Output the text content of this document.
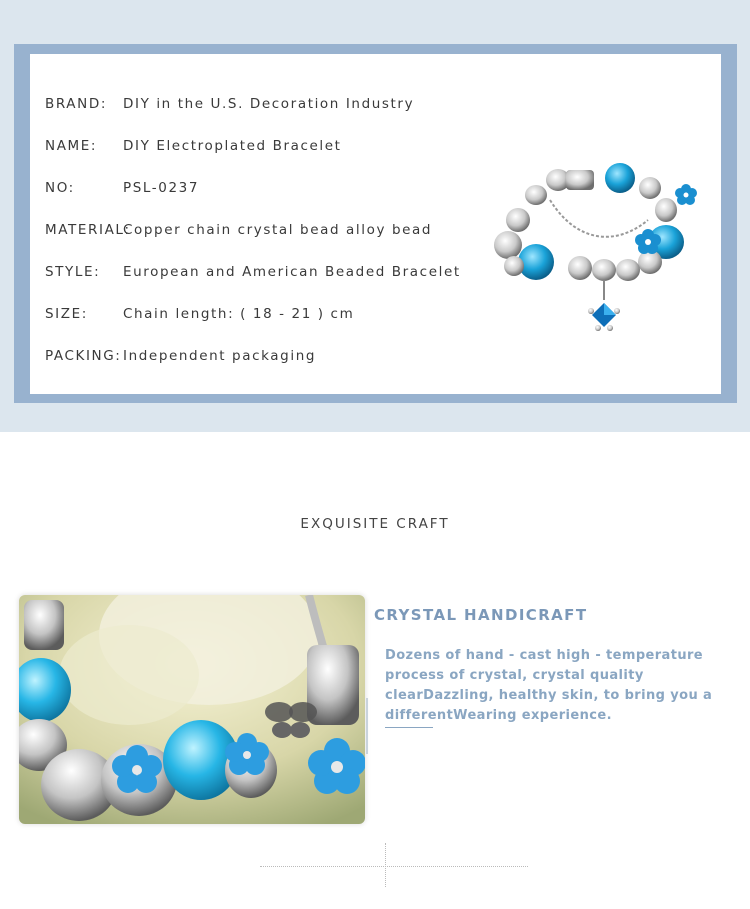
BRAND: DIY in the U.S. Decoration Industry
NAME: DIY Electroplated Bracelet
NO:	PSL-0237
MATERIAL:
Copper chain crystal bead alloy bead
STYLE: European and American Beaded Bracelet
SIZE:	Chain length: ( 18 - 21 ) cm
PACKING: Independent packaging
EXQUISITE CRAFT
CRYSTAL HANDICRAFT
Dozens of hand - cast high - temperature process of crystal, crystal quality clearDazzling, healthy skin, to bring you a differentWearing experience.
